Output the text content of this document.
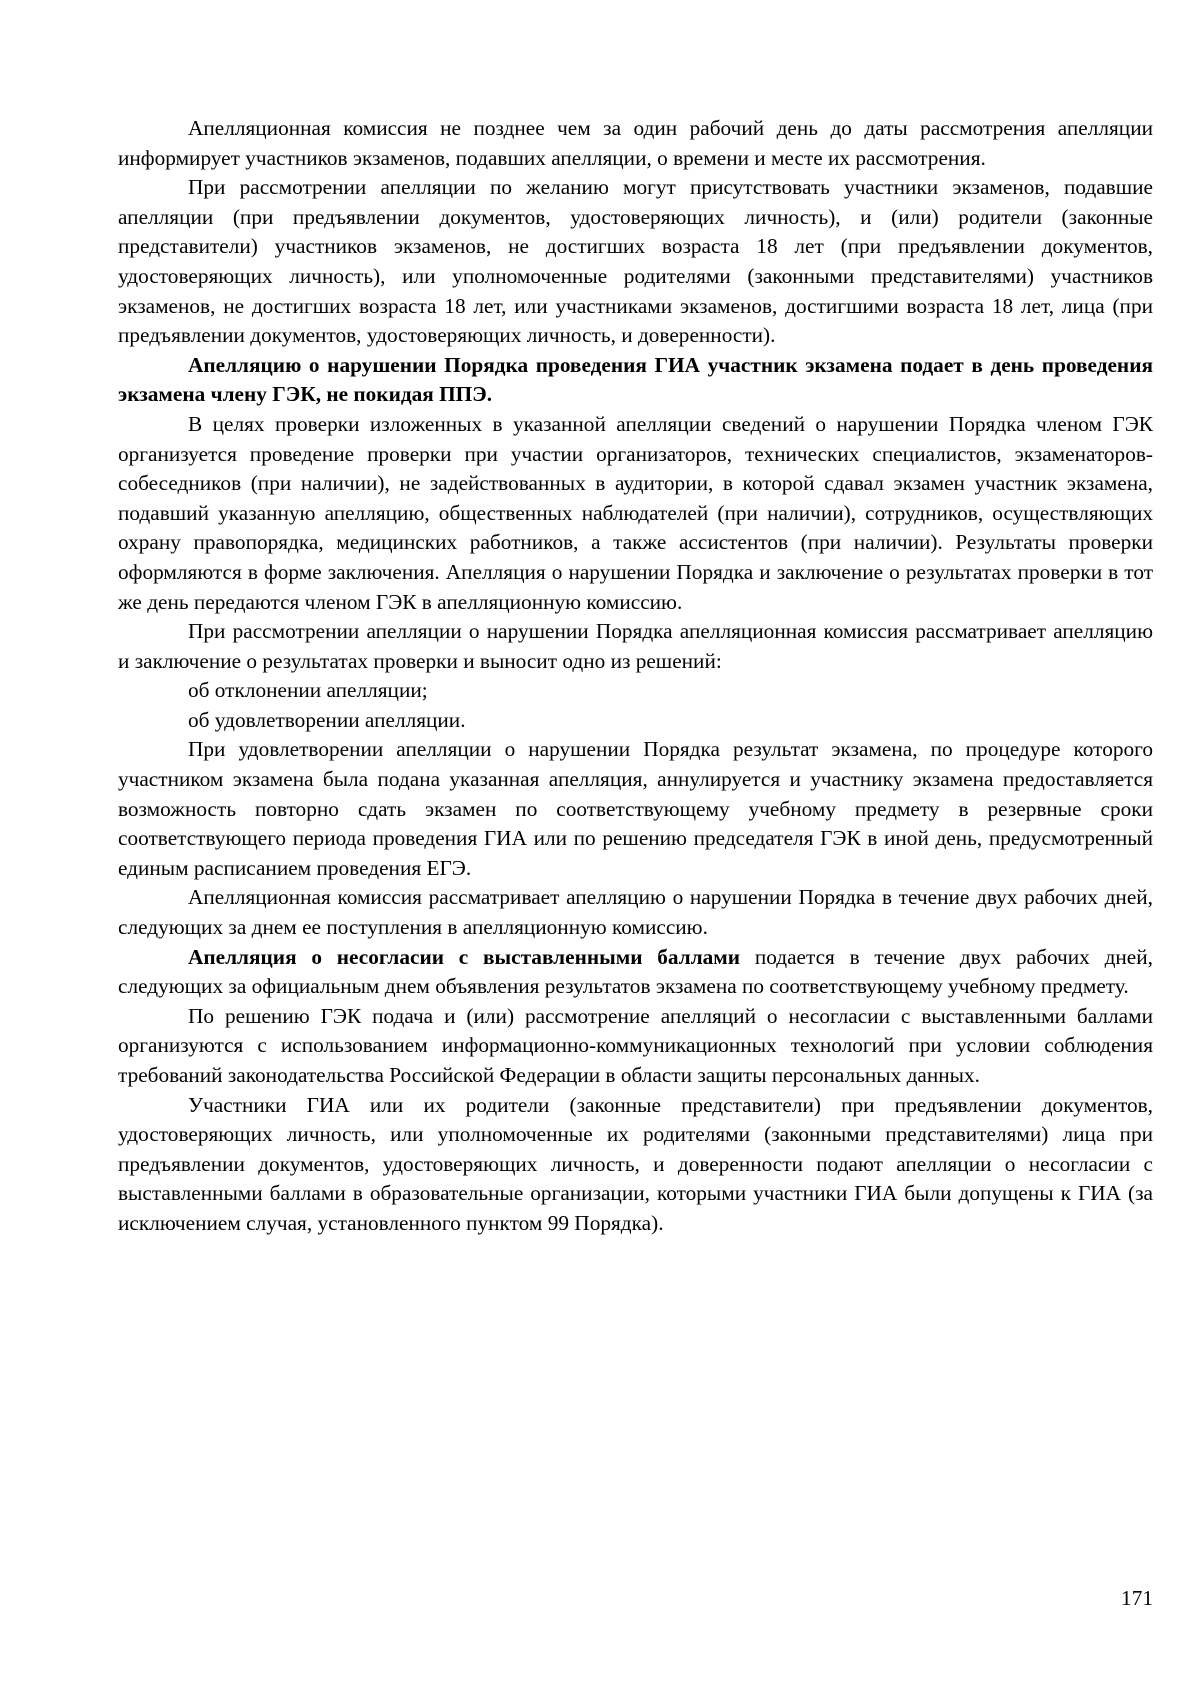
Апелляционная комиссия не позднее чем за один рабочий день до даты рассмотрения апелляции информирует участников экзаменов, подавших апелляции, о времени и месте их рассмотрения.

При рассмотрении апелляции по желанию могут присутствовать участники экзаменов, подавшие апелляции (при предъявлении документов, удостоверяющих личность), и (или) родители (законные представители) участников экзаменов, не достигших возраста 18 лет (при предъявлении документов, удостоверяющих личность), или уполномоченные родителями (законными представителями) участников экзаменов, не достигших возраста 18 лет, или участниками экзаменов, достигшими возраста 18 лет, лица (при предъявлении документов, удостоверяющих личность, и доверенности).

Апелляцию о нарушении Порядка проведения ГИА участник экзамена подает в день проведения экзамена члену ГЭК, не покидая ППЭ.

В целях проверки изложенных в указанной апелляции сведений о нарушении Порядка членом ГЭК организуется проведение проверки при участии организаторов, технических специалистов, экзаменаторов-собеседников (при наличии), не задействованных в аудитории, в которой сдавал экзамен участник экзамена, подавший указанную апелляцию, общественных наблюдателей (при наличии), сотрудников, осуществляющих охрану правопорядка, медицинских работников, а также ассистентов (при наличии). Результаты проверки оформляются в форме заключения. Апелляция о нарушении Порядка и заключение о результатах проверки в тот же день передаются членом ГЭК в апелляционную комиссию.

При рассмотрении апелляции о нарушении Порядка апелляционная комиссия рассматривает апелляцию и заключение о результатах проверки и выносит одно из решений:

об отклонении апелляции;

об удовлетворении апелляции.

При удовлетворении апелляции о нарушении Порядка результат экзамена, по процедуре которого участником экзамена была подана указанная апелляция, аннулируется и участнику экзамена предоставляется возможность повторно сдать экзамен по соответствующему учебному предмету в резервные сроки соответствующего периода проведения ГИА или по решению председателя ГЭК в иной день, предусмотренный единым расписанием проведения ЕГЭ.

Апелляционная комиссия рассматривает апелляцию о нарушении Порядка в течение двух рабочих дней, следующих за днем ее поступления в апелляционную комиссию.

Апелляция о несогласии с выставленными баллами подается в течение двух рабочих дней, следующих за официальным днем объявления результатов экзамена по соответствующему учебному предмету.

По решению ГЭК подача и (или) рассмотрение апелляций о несогласии с выставленными баллами организуются с использованием информационно-коммуникационных технологий при условии соблюдения требований законодательства Российской Федерации в области защиты персональных данных.

Участники ГИА или их родители (законные представители) при предъявлении документов, удостоверяющих личность, или уполномоченные их родителями (законными представителями) лица при предъявлении документов, удостоверяющих личность, и доверенности подают апелляции о несогласии с выставленными баллами в образовательные организации, которыми участники ГИА были допущены к ГИА (за исключением случая, установленного пунктом 99 Порядка).

171
